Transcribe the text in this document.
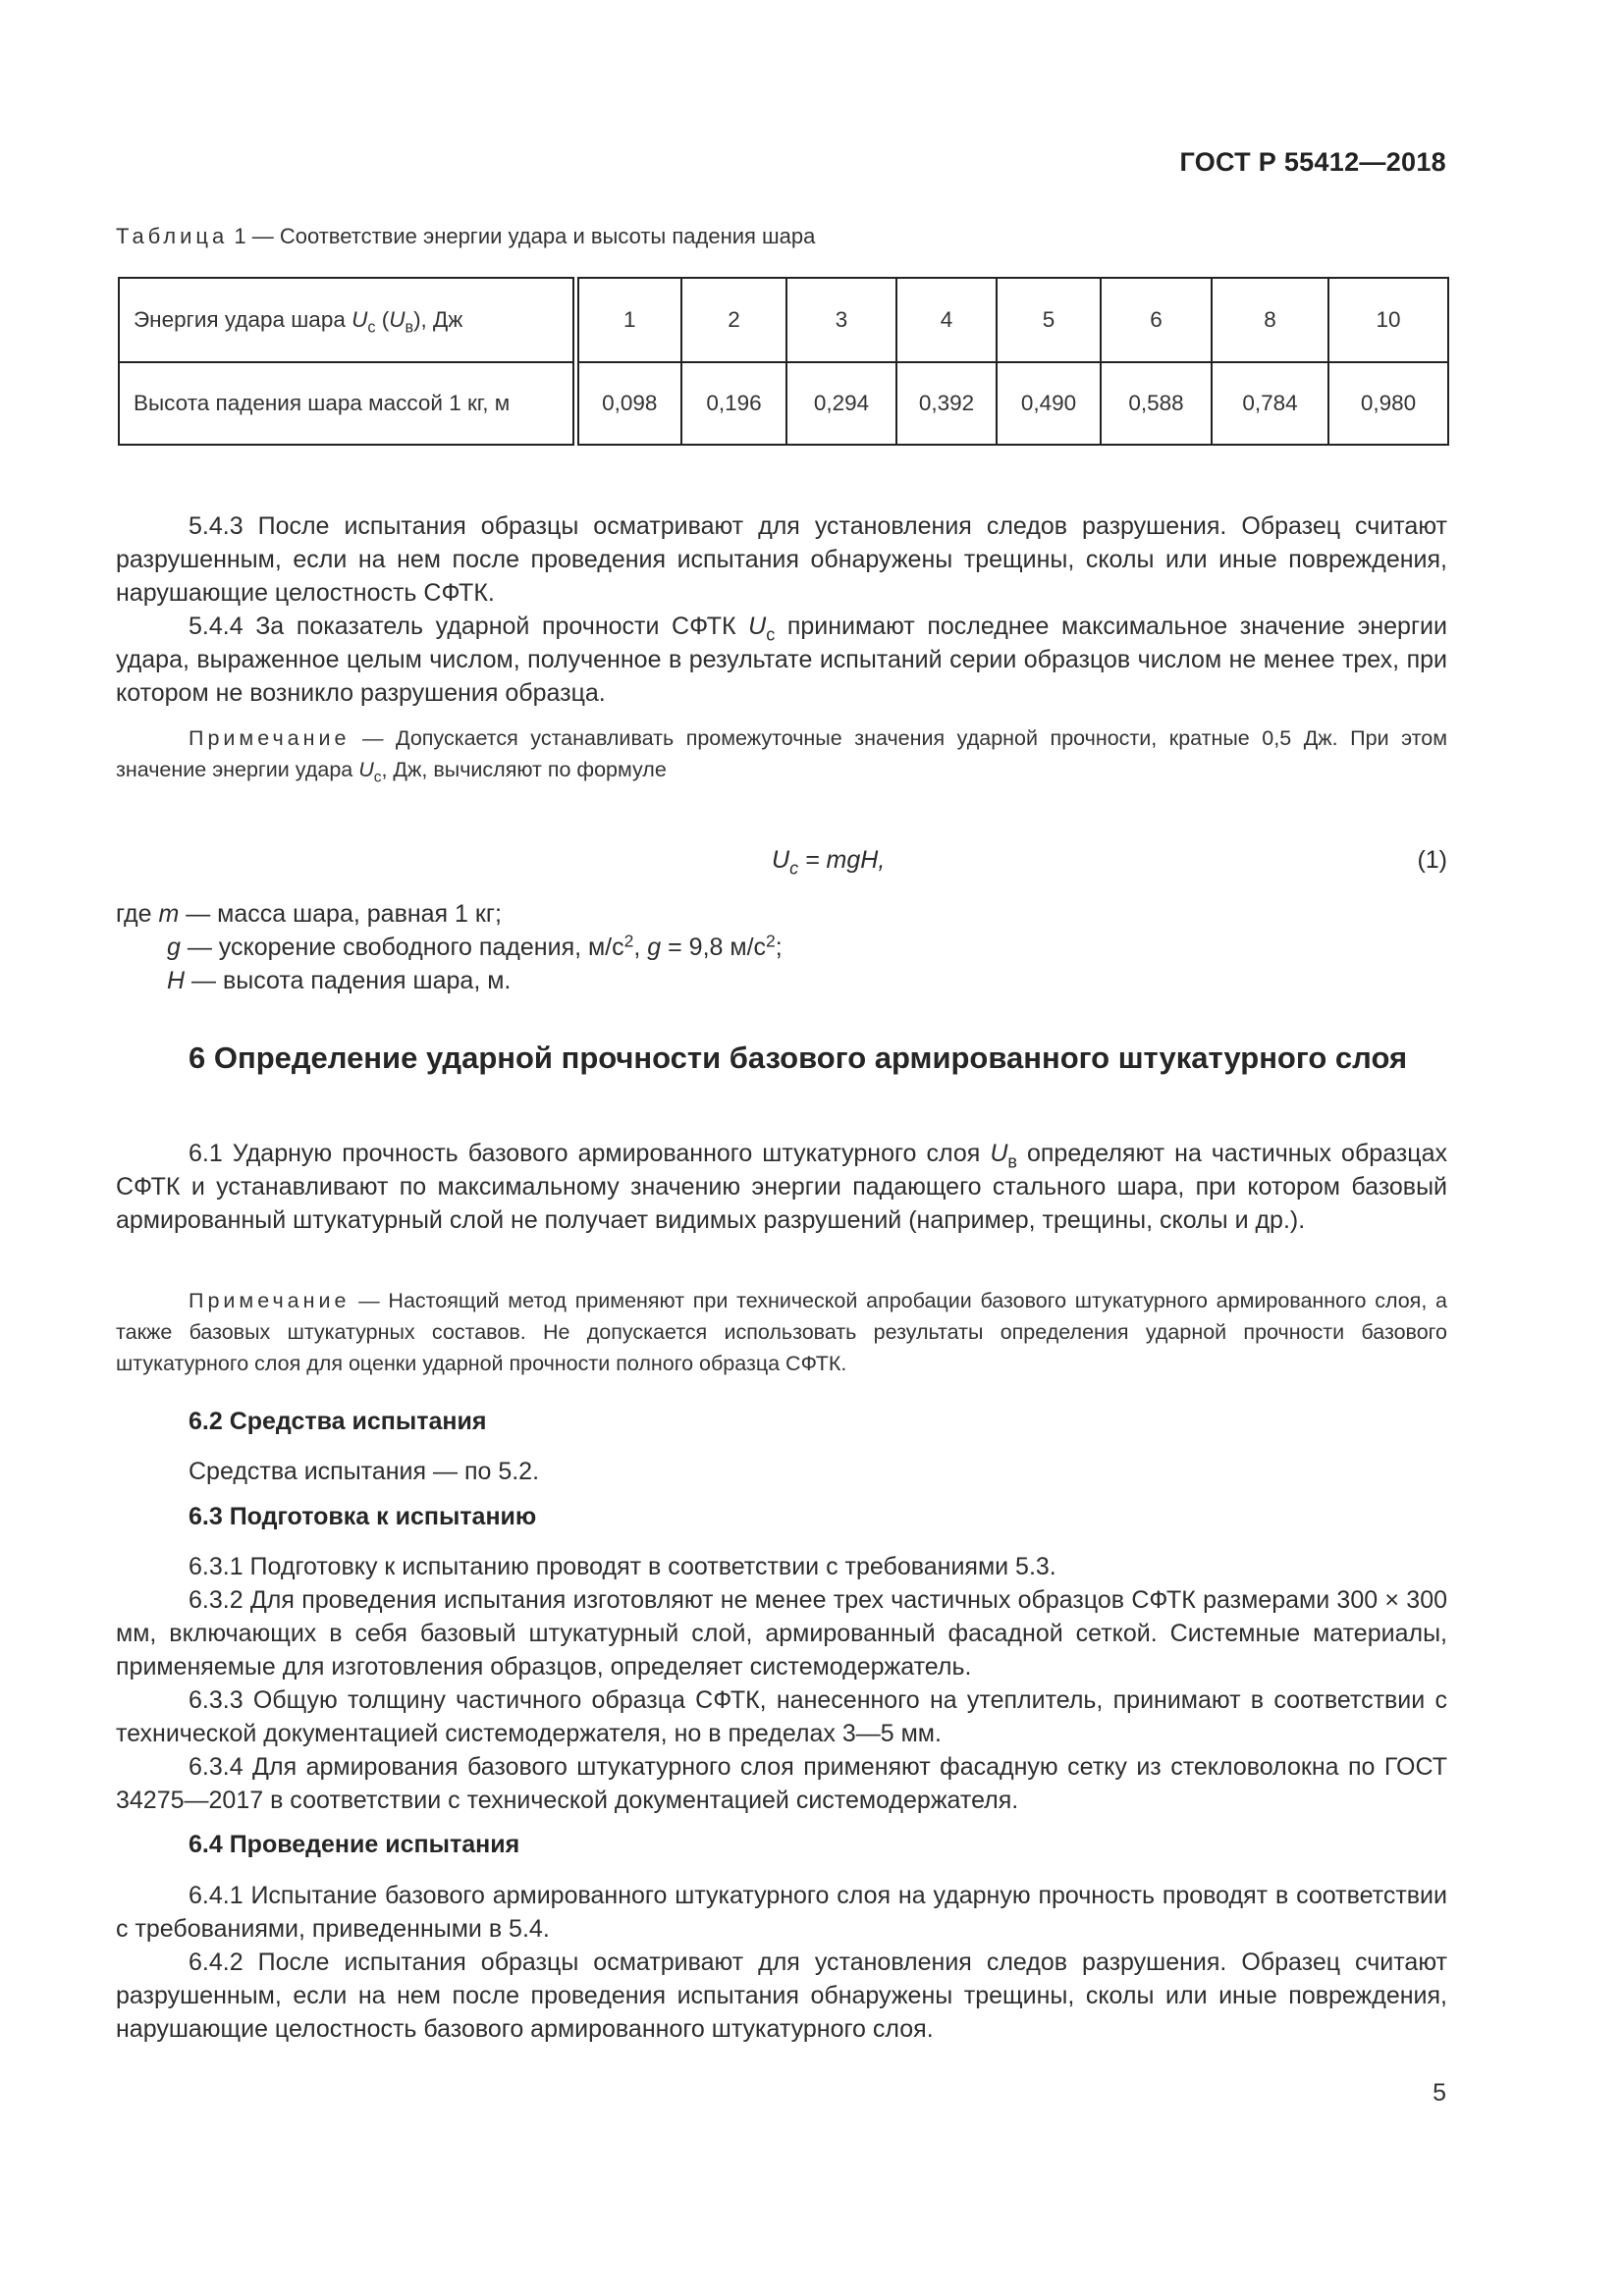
ГОСТ Р 55412—2018
Таблица 1 — Соответствие энергии удара и высоты падения шара
Энергия удара шара $U_с$ $(U_в)$, Дж	1	2	3	4	5	6	8	10
Высота падения шара массой 1 кг, м	0,098	0,196	0,294	0,392	0,490	0,588	0,784	0,980

5.4.3 После испытания образцы осматривают для установления следов разрушения. Образец считают разрушенным, если на нем после проведения испытания обнаружены трещины, сколы или иные повреждения, нарушающие целостность СФТК.

5.4.4 За показатель ударной прочности СФТК $U_с$ принимают последнее максимальное значение энергии удара, выраженное целым числом, полученное в результате испытаний серии образцов числом не менее трех, при котором не возникло разрушения образца.

Примечание — Допускается устанавливать промежуточные значения ударной прочности, кратные 0,5 Дж. При этом значение энергии удара $U_с$, Дж, вычисляют по формуле

$U_с$ = mgH,	(1)
где m — масса шара, равная 1 кг;
g — ускорение свободного падения, $м/с^2$, g = 9,8 $м/с^2$;
H — высота падения шара, м.
6 Определение ударной прочности базового армированного штукатурного слоя

6.1 Ударную прочность базового армированного штукатурного слоя $U_в$ определяют на частичных образцах СФТК и устанавливают по максимальному значению энергии падающего стального шара, при котором базовый армированный штукатурный слой не получает видимых разрушений (например, трещины, сколы и др.).

Примечание — Настоящий метод применяют при технической апробации базового штукатурного армированного слоя, а также базовых штукатурных составов. Не допускается использовать результаты определения ударной прочности базового штукатурного слоя для оценки ударной прочности полного образца СФТК.

6.2 Средства испытания

Средства испытания — по 5.2.

6.3 Подготовка к испытанию

6.3.1 Подготовку к испытанию проводят в соответствии с требованиями 5.3.

6.3.2 Для проведения испытания изготовляют не менее трех частичных образцов СФТК размерами 300 × 300 мм, включающих в себя базовый штукатурный слой, армированный фасадной сеткой. Системные материалы, применяемые для изготовления образцов, определяет системодержатель.

6.3.3 Общую толщину частичного образца СФТК, нанесенного на утеплитель, принимают в соответствии с технической документацией системодержателя, но в пределах 3—5 мм.

6.3.4 Для армирования базового штукатурного слоя применяют фасадную сетку из стекловолокна по ГОСТ 34275—2017 в соответствии с технической документацией системодержателя.

6.4 Проведение испытания

6.4.1 Испытание базового армированного штукатурного слоя на ударную прочность проводят в соответствии с требованиями, приведенными в 5.4.

6.4.2 После испытания образцы осматривают для установления следов разрушения. Образец считают разрушенным, если на нем после проведения испытания обнаружены трещины, сколы или иные повреждения, нарушающие целостность базового армированного штукатурного слоя.

5
